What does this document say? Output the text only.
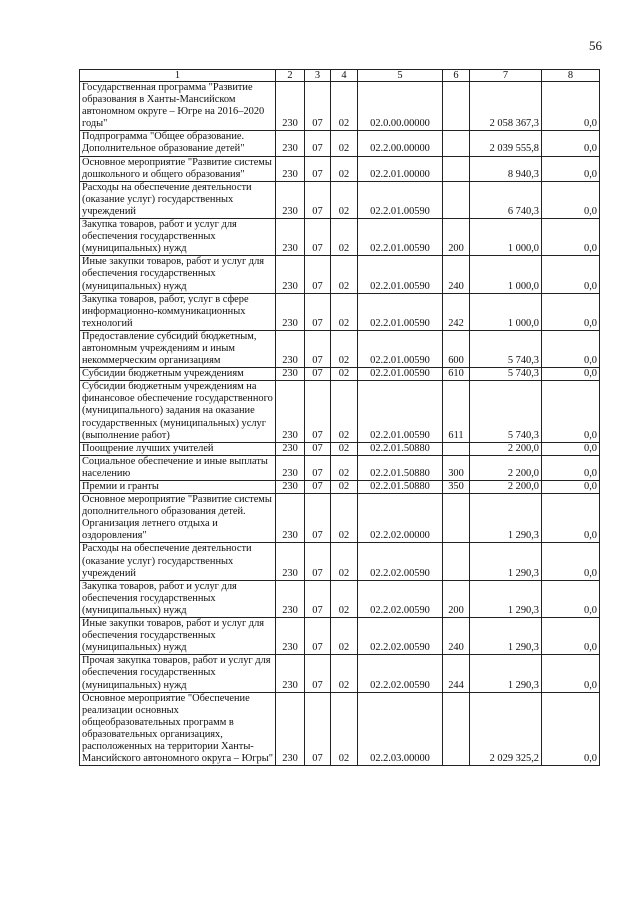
56
1	2	3	4	5	6	7	8
Государственная программа "Развитие образования в Ханты-Мансийском автономном округе – Югре на 2016–2020 годы"	230	07	02	02.0.00.00000		2 058 367,3	0,0
Подпрограмма "Общее образование. Дополнительное образование детей"	230	07	02	02.2.00.00000		2 039 555,8	0,0
Основное мероприятие "Развитие системы дошкольного и общего образования"	230	07	02	02.2.01.00000		8 940,3	0,0
Расходы на обеспечение деятельности (оказание услуг) государственных учреждений	230	07	02	02.2.01.00590		6 740,3	0,0
Закупка товаров, работ и услуг для обеспечения государственных (муниципальных) нужд	230	07	02	02.2.01.00590	200	1 000,0	0,0
Иные закупки товаров, работ и услуг для обеспечения государственных (муниципальных) нужд	230	07	02	02.2.01.00590	240	1 000,0	0,0
Закупка товаров, работ, услуг в сфере информационно-коммуникационных технологий	230	07	02	02.2.01.00590	242	1 000,0	0,0
Предоставление субсидий бюджетным, автономным учреждениям и иным некоммерческим организациям	230	07	02	02.2.01.00590	600	5 740,3	0,0
Субсидии бюджетным учреждениям	230	07	02	02.2.01.00590	610	5 740,3	0,0
Субсидии бюджетным учреждениям на финансовое обеспечение государственного (муниципального) задания на оказание государственных (муниципальных) услуг (выполнение работ)	230	07	02	02.2.01.00590	611	5 740,3	0,0
Поощрение лучших учителей	230	07	02	02.2.01.50880		2 200,0	0,0
Социальное обеспечение и иные выплаты населению	230	07	02	02.2.01.50880	300	2 200,0	0,0
Премии и гранты	230	07	02	02.2.01.50880	350	2 200,0	0,0
Основное мероприятие "Развитие системы дополнительного образования детей. Организация летнего отдыха и оздоровления"	230	07	02	02.2.02.00000		1 290,3	0,0
Расходы на обеспечение деятельности (оказание услуг) государственных учреждений	230	07	02	02.2.02.00590		1 290,3	0,0
Закупка товаров, работ и услуг для обеспечения государственных (муниципальных) нужд	230	07	02	02.2.02.00590	200	1 290,3	0,0
Иные закупки товаров, работ и услуг для обеспечения государственных (муниципальных) нужд	230	07	02	02.2.02.00590	240	1 290,3	0,0
Прочая закупка товаров, работ и услуг для обеспечения государственных (муниципальных) нужд	230	07	02	02.2.02.00590	244	1 290,3	0,0
Основное мероприятие "Обеспечение реализации основных общеобразовательных программ в образовательных организациях, расположенных на территории Ханты-Мансийского автономного округа – Югры"	230	07	02	02.2.03.00000		2 029 325,2	0,0
